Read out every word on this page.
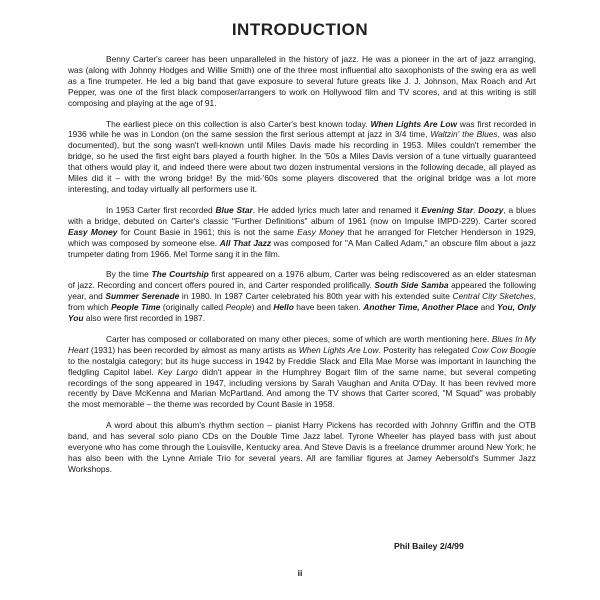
INTRODUCTION

Benny Carter's career has been unparalleled in the history of jazz. He was a pioneer in the art of jazz arranging, was (along with Johnny Hodges and Willie Smith) one of the three most influential alto saxophonists of the swing era as well as a fine trumpeter. He led a big band that gave exposure to several future greats like J. J. Johnson, Max Roach and Art Pepper, was one of the first black composer/arrangers to work on Hollywood film and TV scores, and at this writing is still composing and playing at the age of 91.

The earliest piece on this collection is also Carter's best known today. When Lights Are Low was first recorded in 1936 while he was in London (on the same session the first serious attempt at jazz in 3/4 time, Waltzin' the Blues, was also documented), but the song wasn't well-known until Miles Davis made his recording in 1953. Miles couldn't remember the bridge, so he used the first eight bars played a fourth higher. In the '50s a Miles Davis version of a tune virtually guaranteed that others would play it, and indeed there were about two dozen instrumental versions in the following decade, all played as Miles did it – with the wrong bridge! By the mid-'60s some players discovered that the original bridge was a lot more interesting, and today virtually all performers use it.

In 1953 Carter first recorded Blue Star. He added lyrics much later and renamed it Evening Star. Doozy, a blues with a bridge, debuted on Carter's classic "Further Definitions" album of 1961 (now on Impulse IMPD-229). Carter scored Easy Money for Count Basie in 1961; this is not the same Easy Money that he arranged for Fletcher Henderson in 1929, which was composed by someone else. All That Jazz was composed for "A Man Called Adam," an obscure film about a jazz trumpeter dating from 1966. Mel Torme sang it in the film.

By the time The Courtship first appeared on a 1976 album, Carter was being rediscovered as an elder statesman of jazz. Recording and concert offers poured in, and Carter responded prolifically. South Side Samba appeared the following year, and Summer Serenade in 1980. In 1987 Carter celebrated his 80th year with his extended suite Central City Sketches, from which People Time (originally called People) and Hello have been taken. Another Time, Another Place and You, Only You also were first recorded in 1987.

Carter has composed or collaborated on many other pieces, some of which are worth mentioning here. Blues In My Heart (1931) has been recorded by almost as many artists as When Lights Are Low. Posterity has relegated Cow Cow Boogie to the nostalgia category; but its huge success in 1942 by Freddie Slack and Ella Mae Morse was important in launching the fledgling Capitol label. Key Largo didn't appear in the Humphrey Bogart film of the same name, but several competing recordings of the song appeared in 1947, including versions by Sarah Vaughan and Anita O'Day. It has been revived more recently by Dave McKenna and Marian McPartland. And among the TV shows that Carter scored, "M Squad" was probably the most memorable – the theme was recorded by Count Basie in 1958.

A word about this album's rhythm section – pianist Harry Pickens has recorded with Johnny Griffin and the OTB band, and has several solo piano CDs on the Double Time Jazz label. Tyrone Wheeler has played bass with just about everyone who has come through the Louisville, Kentucky area. And Steve Davis is a freelance drummer around New York; he has also been with the Lynne Arriale Trio for several years. All are familiar figures at Jamey Aebersold's Summer Jazz Workshops.

Phil Bailey 2/4/99
ii
